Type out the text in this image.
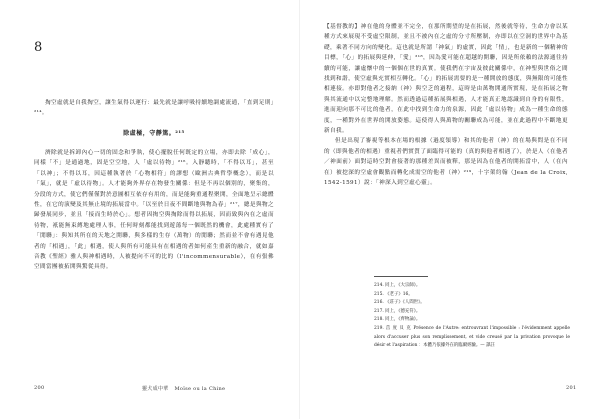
8

掏空虛就是自我掏空，讓生氣得以運行：最先就是讓呼吸持續地調處流通，「直到足則」²¹⁴。

除虛極，守靜篤。²¹⁵

濟除就是拆卸內心一切的固念和爭執，使心擺脫任何既定的立場，亦即去除「成心」，同樣「不」是通過地，固是空空地，人「虛以待物」²¹⁶。入靜聽時，「不得以耳」，甚至「以神」；不得以耳，因這種執著於「心物相符」的謬想（歐洲古典哲學概念），而是以「氣」，就是「虛以待物」。人才能夠外界存在物發生關係：但是不再以個別的，聚集的，分段的方式，使它們僅僅對於意圖相互依存有用的，而是能夠重通程聚開，全面地呈示總體性，在它的演變及其無止境的拓展當中。「以至於日夜不間斷地與物為春」²¹⁷，總是與物之歸發展同步，並且「接而生時於心」。想者因掏空與掏除而得以拓展，因而致與內在之虛而待物，衹能無束縛地處理人事，任何時刻都能找到遊蕩每一個既然的機會，此處種實有了「閒聯」：與知其所在的天地之開聯，與多樣的生存（萬物）的閒聯；然而並不會有遇見他者的「相遇」，「此」相遇，使人與所有可能具有在相遇的者如何產生重新的融合，就如嘉音教《聖經》雅人與神相遇時，人被提向不可的比的（l'incommensurable），在有張佛空間當團被拓開與驚從具得。

200	靈犬成中華 Moïse ou la Chine

【基督教的】神在他的身體並不完全，在那所期望的是在拓展，然後就等待，生命力會以某種方式來展現不受虛空限制，並且不被內在之虛的分寸所壓制，亦即以在空洞的世界中為基礎，乘著不同方向的變化。這也就是所謂「神氣」的虛實，因此「情」，也是新的一個精神的目標，「心」的拓展與延伸，「愛」²¹⁸，因為愛可能在超越的開聯，因是所依賴的法源通往持續的可能，讓虛懷中的一個個在世的真實。使我們在宇宙及彼此關係中，在神聖與世俗之間找到和諧，使空虛與充實相互轉化。「心」的拓展需要的是一種開放的態度，與無限的可能性相連接。亦即對他者之接納（神）與空乏的過程，這時是由萬物開通所實現，是在拓展之物與其流通中以完整地理解。然而透過這種拓展與相遇，人才能真正地認識到自身的有限性，進而迎向那不可比的他者，在此中找到生命力的泉源，因此「虛以待物」成為一種生命的態度，一種對外在世界的開放姿態。這使得人與萬物的關聯成為可能，並在此過程中不斷地更新自我。

但是出現了審視等根本在場的根據（過度領導）和其的他者（神）的在場與問是在不同的（即與他者的相遇）重視者們實質了面臨得可能的（真的與他者相遇了），於是人（在他者／神面前）面對這時空對會接著的那種差異而被釋，那是因為在他者的開拓當中，人（在內在）被挖深的空虛會觀點而轉化成需空的他者（神）²¹⁹，十字架約翰（Jean de la Croix, 1542-1591）說：「神深入到空虛心靈」。

214. 同上，《大宗師》。

215. 《老子》16。

216. 《莊子》《人間世》。

217. 同上，《德充符》。

218. 同上，《齊物論》。

219. 莒 度 貝 克 Présence de l'Autre: entrouvrant l'impossible : l'évidemment appelle alors d'accuser plus son remplissement, et vide creusé par la privation provoque le désir et l'aspiration ：本體乃依據外在的臨爾經驗。— 譯註

201
